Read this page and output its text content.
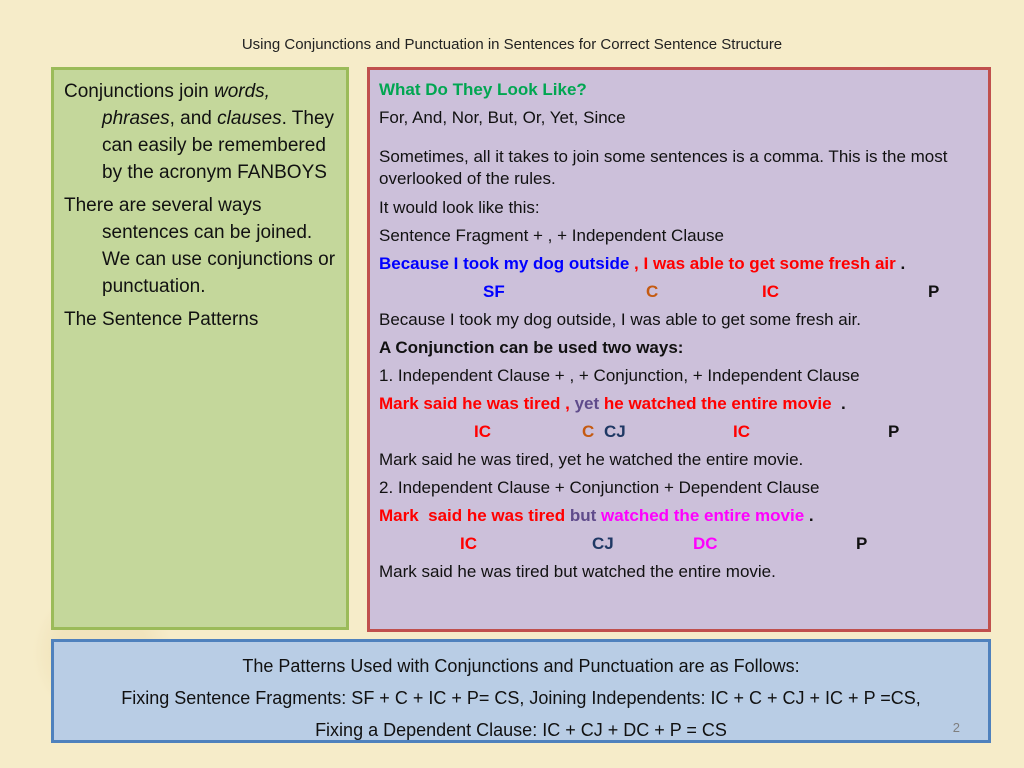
Using Conjunctions and Punctuation in Sentences for Correct Sentence Structure

Conjunctions join words, phrases, and clauses. They can easily be remembered by the acronym FANBOYS

There are several ways sentences can be joined. We can use conjunctions or punctuation.

The Sentence Patterns

What Do They Look Like?
For, And, Nor, But, Or, Yet, Since
Sometimes, all it takes to join some sentences is a comma. This is the most overlooked of the rules.
It would look like this:
Sentence Fragment + , + Independent Clause
Because I took my dog outside , I was able to get some fresh air .
SF	C	IC	P
Because I took my dog outside, I was able to get some fresh air.
A Conjunction can be used two ways:
1. Independent Clause + , + Conjunction, + Independent Clause
Mark said he was tired , yet he watched the entire movie  .
IC	C CJ	IC	P
Mark said he was tired, yet he watched the entire movie.
2. Independent Clause + Conjunction + Dependent Clause
Mark  said he was tired but watched the entire movie .
IC	CJ	DC	P
Mark said he was tired but watched the entire movie.
The Patterns Used with Conjunctions and Punctuation are as Follows:
Fixing Sentence Fragments: SF + C + IC + P= CS, Joining Independents: IC + C + CJ + IC + P =CS,
Fixing a Dependent Clause: IC + CJ + DC + P = CS	2
